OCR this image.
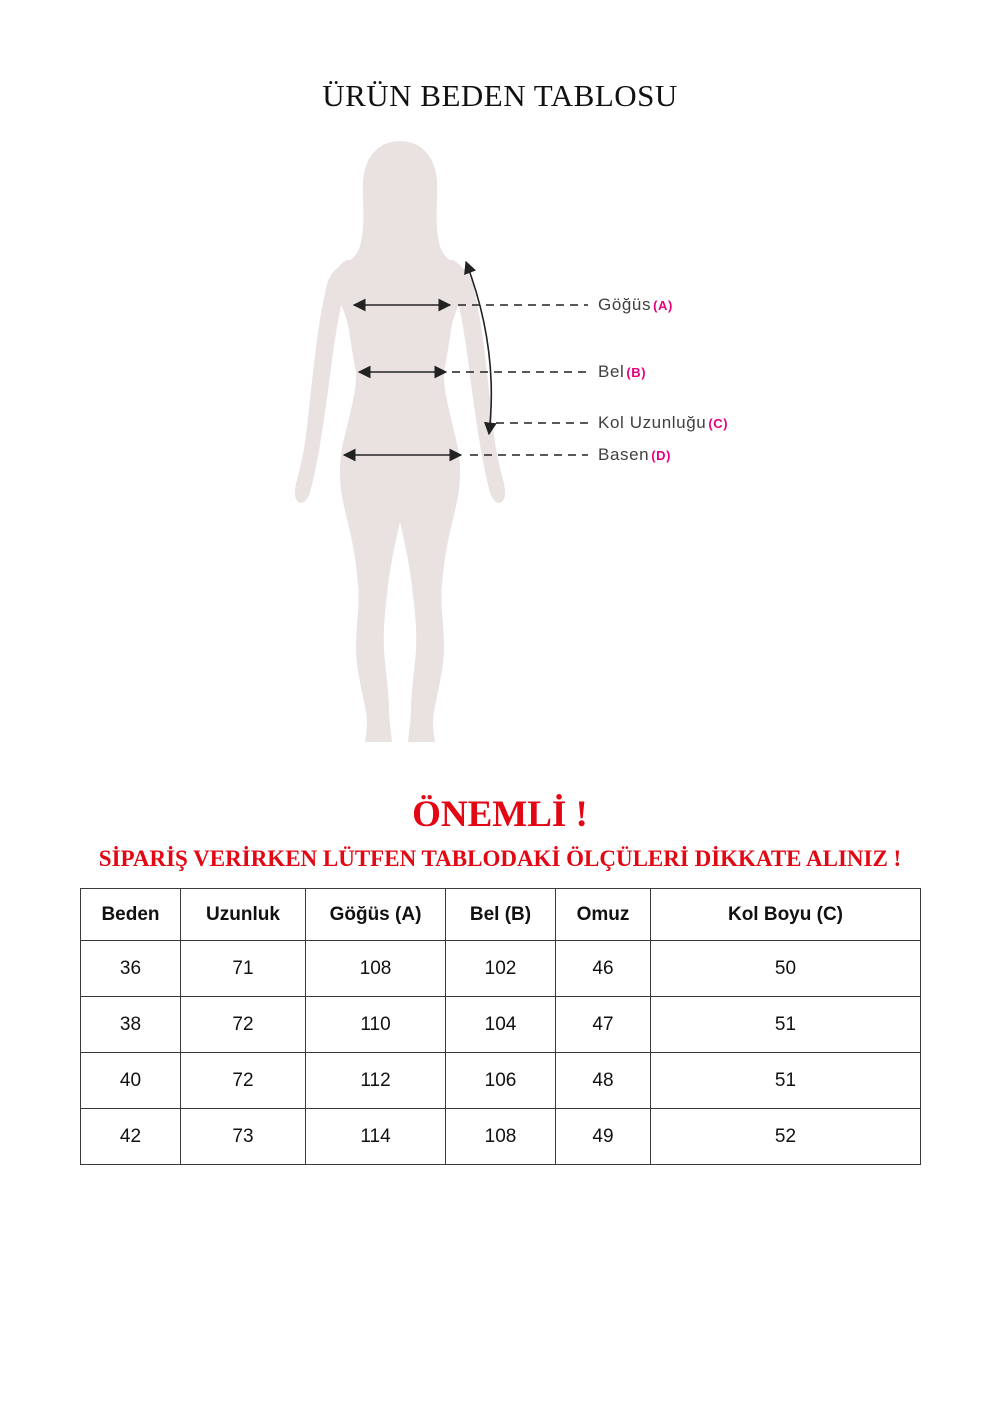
ÜRÜN BEDEN TABLOSU
Göğüs (A)
Bel (B)
Kol Uzunluğu (C)
Basen (D)
ÖNEMLİ !
SİPARİŞ VERİRKEN LÜTFEN TABLODAKİ ÖLÇÜLERİ DİKKATE ALINIZ !
Beden	Uzunluk	Göğüs (A)	Bel (B)	Omuz	Kol Boyu (C)
36	71	108	102	46	50
38	72	110	104	47	51
40	72	112	106	48	51
42	73	114	108	49	52
